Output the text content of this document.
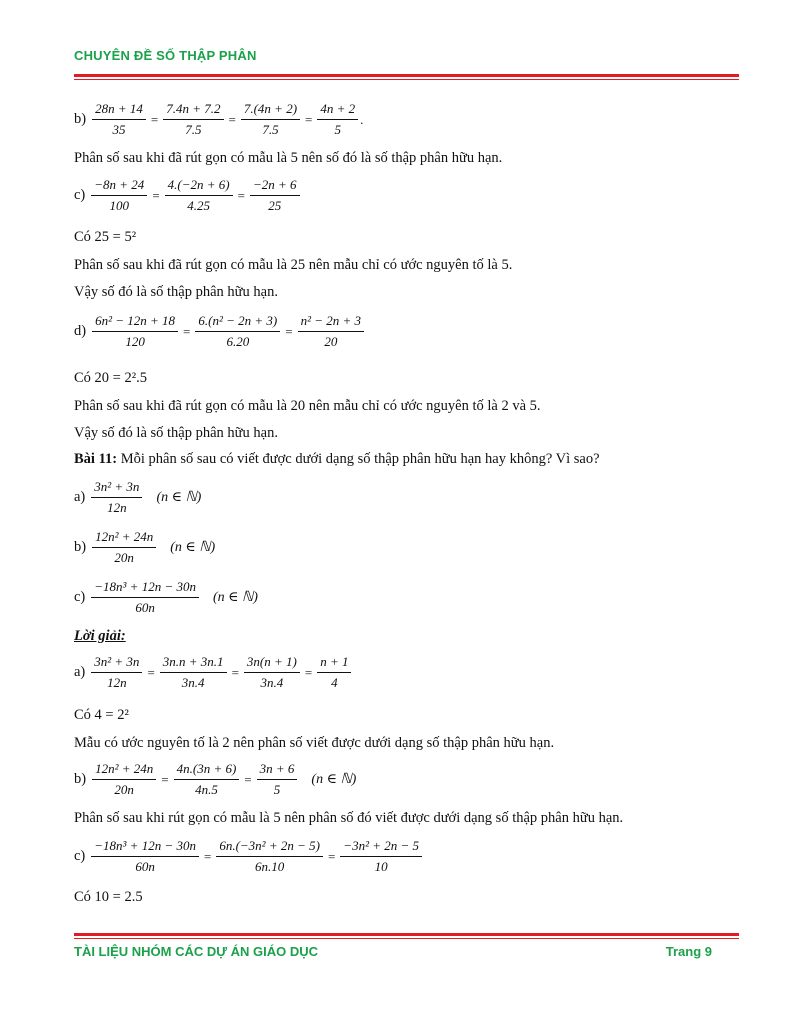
CHUYÊN ĐỀ SỐ THẬP PHÂN
$b) \frac{28n + 14}{35} = \frac{7.4n + 7.2}{7.5} = \frac{7.(4n + 2)}{7.5} = \frac{4n + 2}{5}$ .
Phân số sau khi đã rút gọn có mẫu là 5 nên số đó là số thập phân hữu hạn.
$c) \frac{-8n + 24}{100} = \frac{4.(-2n + 6)}{4.25} = \frac{-2n + 6}{25}$
Có 25 = 5²
Phân số sau khi đã rút gọn có mẫu là 25 nên mẫu chỉ có ước nguyên tố là 5.
Vậy số đó là số thập phân hữu hạn.
$d) \frac{\text{6n² − 12n + 18}}{120} = \frac{\text{6.(n² − 2n + 3)}}{6.20} = \frac{\text{n² − 2n + 3}}{20}$
Có 20 = 2².5
Phân số sau khi đã rút gọn có mẫu là 20 nên mẫu chỉ có ước nguyên tố là 2 và 5.
Vậy số đó là số thập phân hữu hạn.
Bài 11: Mỗi phân số sau có viết được dưới dạng số thập phân hữu hạn hay không? Vì sao?
$a) \frac{\text{3n² + 3n}}{12n} (n$ ∈ ℕ)
$b) \frac{\text{12n² + 24n}}{20n} (n$ ∈ ℕ)
$c) \frac{\text{−18n³ + 12n − 30n}}{60n} (n$ ∈ ℕ)
Lời giải:
$a) \frac{\text{3n² + 3n}}{12n} = \frac{3n.n + 3n.1}{3n.4} = \frac{3n(n + 1)}{3n.4} = \frac{n + 1}{4}$
Có 4 = 2²
Mẫu có ước nguyên tố là 2 nên phân số viết được dưới dạng số thập phân hữu hạn.
$b) \frac{\text{12n² + 24n}}{20n} = \frac{4n.(3n + 6)}{4n.5} = \frac{3n + 6}{5} (n$ ∈ ℕ)
Phân số sau khi rút gọn có mẫu là 5 nên phân số đó viết được dưới dạng số thập phân hữu hạn.
$c) \frac{\text{−18n³ + 12n − 30n}}{60n} = \frac{\text{6n.(−3n² + 2n − 5)}}{6n.10} = \frac{\text{−3n² + 2n − 5}}{10}$
Có 10 = 2.5
TÀI LIỆU NHÓM CÁC DỰ ÁN GIÁO DỤC	Trang 9
